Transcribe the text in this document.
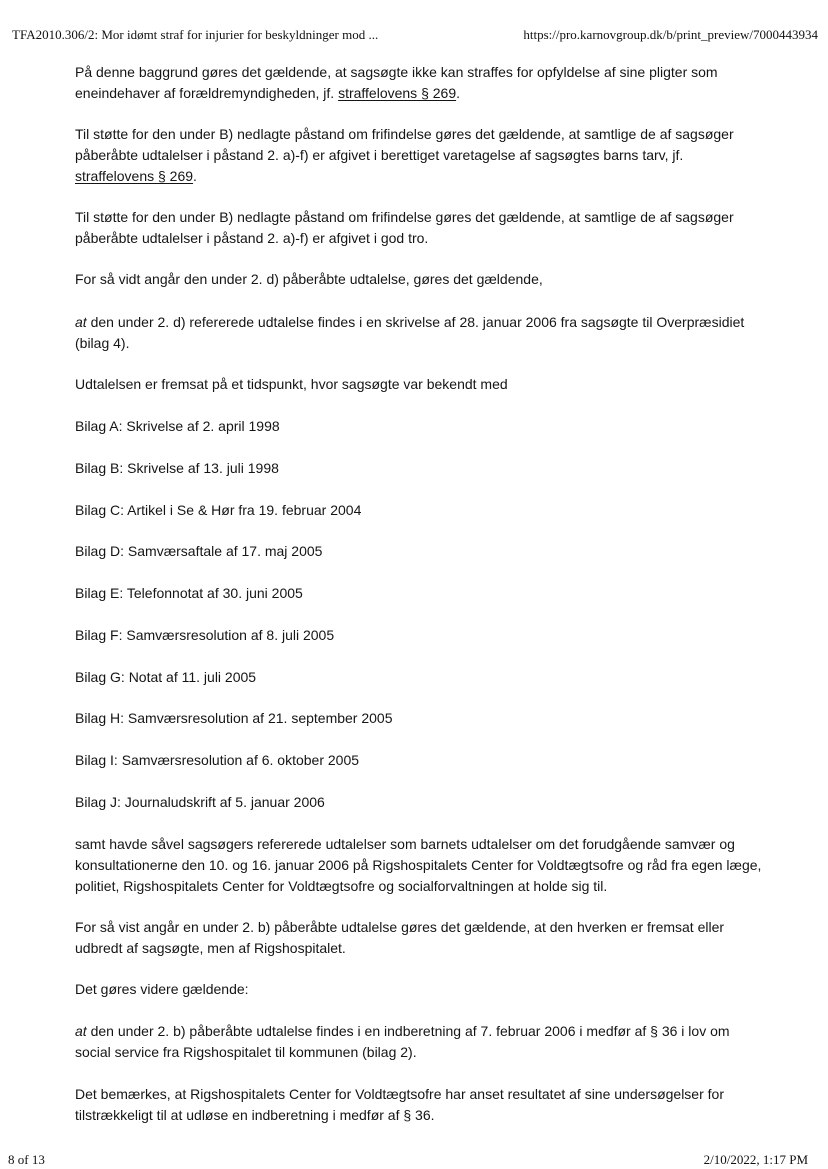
TFA2010.306/2: Mor idømt straf for injurier for beskyldninger mod ...	https://pro.karnovgroup.dk/b/print_preview/7000443934

På denne baggrund gøres det gældende, at sagsøgte ikke kan straffes for opfyldelse af sine pligter som eneindehaver af forældremyndigheden, jf. straffelovens § 269.

Til støtte for den under B) nedlagte påstand om frifindelse gøres det gældende, at samtlige de af sagsøger påberåbte udtalelser i påstand 2. a)-f) er afgivet i berettiget varetagelse af sagsøgtes barns tarv, jf. straffelovens § 269.

Til støtte for den under B) nedlagte påstand om frifindelse gøres det gældende, at samtlige de af sagsøger påberåbte udtalelser i påstand 2. a)-f) er afgivet i god tro.

For så vidt angår den under 2. d) påberåbte udtalelse, gøres det gældende,

at den under 2. d) refererede udtalelse findes i en skrivelse af 28. januar 2006 fra sagsøgte til Overpræsidiet (bilag 4).

Udtalelsen er fremsat på et tidspunkt, hvor sagsøgte var bekendt med

Bilag A: Skrivelse af 2. april 1998

Bilag B: Skrivelse af 13. juli 1998

Bilag C: Artikel i Se & Hør fra 19. februar 2004

Bilag D: Samværsaftale af 17. maj 2005

Bilag E: Telefonnotat af 30. juni 2005

Bilag F: Samværsresolution af 8. juli 2005

Bilag G: Notat af 11. juli 2005

Bilag H: Samværsresolution af 21. september 2005

Bilag I: Samværsresolution af 6. oktober 2005

Bilag J: Journaludskrift af 5. januar 2006

samt havde såvel sagsøgers refererede udtalelser som barnets udtalelser om det forudgående samvær og konsultationerne den 10. og 16. januar 2006 på Rigshospitalets Center for Voldtægtsofre og råd fra egen læge, politiet, Rigshospitalets Center for Voldtægtsofre og socialforvaltningen at holde sig til.

For så vist angår en under 2. b) påberåbte udtalelse gøres det gældende, at den hverken er fremsat eller udbredt af sagsøgte, men af Rigshospitalet.

Det gøres videre gældende:

at den under 2. b) påberåbte udtalelse findes i en indberetning af 7. februar 2006 i medfør af § 36 i lov om social service fra Rigshospitalet til kommunen (bilag 2).

Det bemærkes, at Rigshospitalets Center for Voldtægtsofre har anset resultatet af sine undersøgelser for tilstrækkeligt til at udløse en indberetning i medfør af § 36.

8 of 13	2/10/2022, 1:17 PM
